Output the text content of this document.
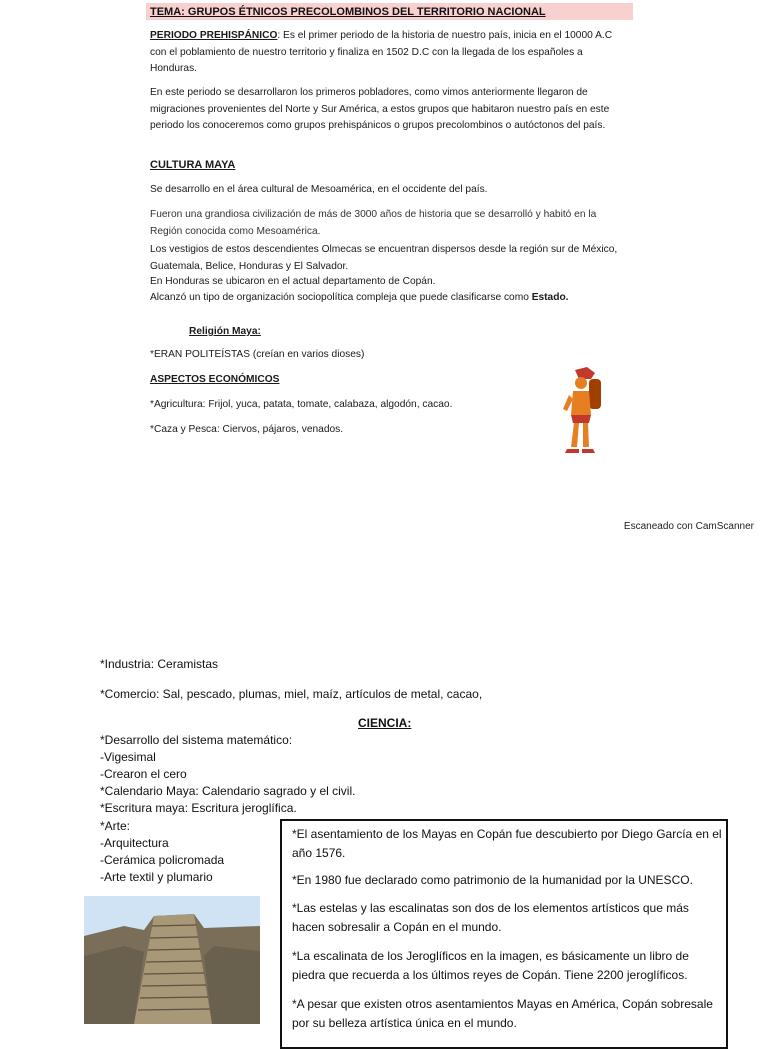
TEMA: GRUPOS ÉTNICOS PRECOLOMBINOS DEL TERRITORIO NACIONAL
PERIODO PREHISPÁNICO: Es el primer periodo de la historia de nuestro país, inicia en el 10000 A.C con el poblamiento de nuestro territorio y finaliza en 1502 D.C con la llegada de los españoles a Honduras.
En este periodo se desarrollaron los primeros pobladores, como vimos anteriormente llegaron de migraciones provenientes del Norte y Sur América, a estos grupos que habitaron nuestro país en este periodo los conoceremos como grupos prehispánicos o grupos precolombinos o autóctonos del país.
CULTURA MAYA
Se desarrollo en el área cultural de Mesoamérica, en el occidente del país.
Fueron una grandiosa civilización de más de 3000 años de historia que se desarrolló y habitó en la Región conocida como Mesoamérica.
Los vestigios de estos descendientes Olmecas se encuentran dispersos desde la región sur de México, Guatemala, Belice, Honduras y El Salvador.
En Honduras se ubicaron en el actual departamento de Copán.
Alcanzó un tipo de organización sociopolítica compleja que puede clasificarse como Estado.
Religión Maya:
*ERAN POLITEÍSTAS (creían en varios dioses)
ASPECTOS ECONÓMICOS
*Agricultura: Frijol, yuca, patata, tomate, calabaza, algodón, cacao.
*Caza y Pesca: Ciervos, pájaros, venados.
Escaneado con CamScanner
*Industria: Ceramistas
*Comercio: Sal, pescado, plumas, miel, maíz, artículos de metal, cacao,
CIENCIA:
*Desarrollo del sistema matemático:
-Vigesimal
-Crearon el cero
*Calendario Maya: Calendario sagrado y el civil.
*Escritura maya: Escritura jeroglífica.
*Arte:
-Arquitectura
-Cerámica policromada
-Arte textil y plumario

*El asentamiento de los Mayas en Copán fue descubierto por Diego García en el año 1576.

*En 1980 fue declarado como patrimonio de la humanidad por la UNESCO.

*Las estelas y las escalinatas son dos de los elementos artísticos que más hacen sobresalir a Copán en el mundo.

*La escalinata de los Jeroglíficos en la imagen, es básicamente un libro de piedra que recuerda a los últimos reyes de Copán. Tiene 2200 jeroglíficos.

*A pesar que existen otros asentamientos Mayas en América, Copán sobresale por su belleza artística única en el mundo.
